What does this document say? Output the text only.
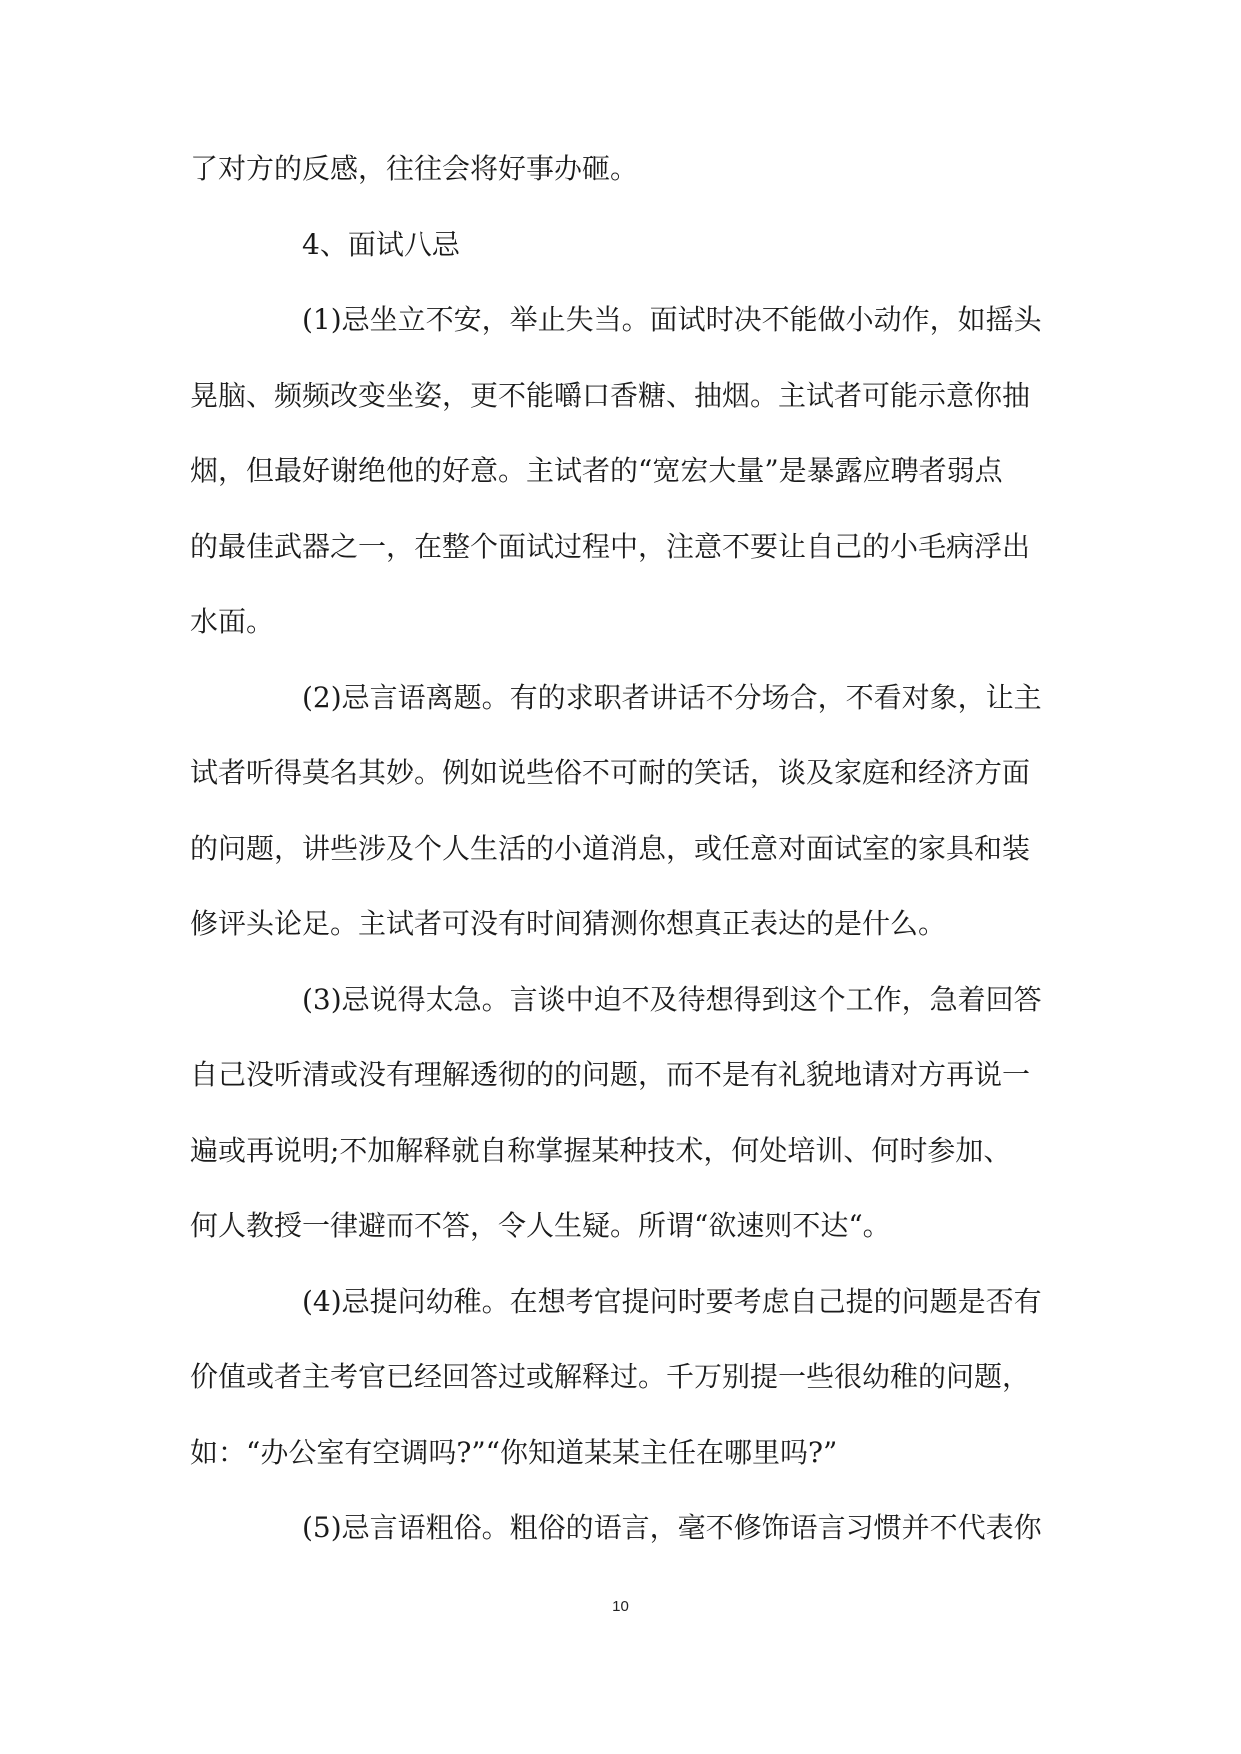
了对方的反感，往往会将好事办砸。
4、面试八忌
(1)忌坐立不安，举止失当。面试时决不能做小动作，如摇头
晃脑、频频改变坐姿，更不能嚼口香糖、抽烟。主试者可能示意你抽
烟，但最好谢绝他的好意。主试者的“宽宏大量”是暴露应聘者弱点
的最佳武器之一，在整个面试过程中，注意不要让自己的小毛病浮出
水面。
(2)忌言语离题。有的求职者讲话不分场合，不看对象，让主
试者听得莫名其妙。例如说些俗不可耐的笑话，谈及家庭和经济方面
的问题，讲些涉及个人生活的小道消息，或任意对面试室的家具和装
修评头论足。主试者可没有时间猜测你想真正表达的是什么。
(3)忌说得太急。言谈中迫不及待想得到这个工作，急着回答
自己没听清或没有理解透彻的的问题，而不是有礼貌地请对方再说一
遍或再说明;不加解释就自称掌握某种技术，何处培训、何时参加、
何人教授一律避而不答，令人生疑。所谓“欲速则不达“。
(4)忌提问幼稚。在想考官提问时要考虑自己提的问题是否有
价值或者主考官已经回答过或解释过。千万别提一些很幼稚的问题，
如：“办公室有空调吗?”“你知道某某主任在哪里吗?”
(5)忌言语粗俗。粗俗的语言，毫不修饰语言习惯并不代表你
10
